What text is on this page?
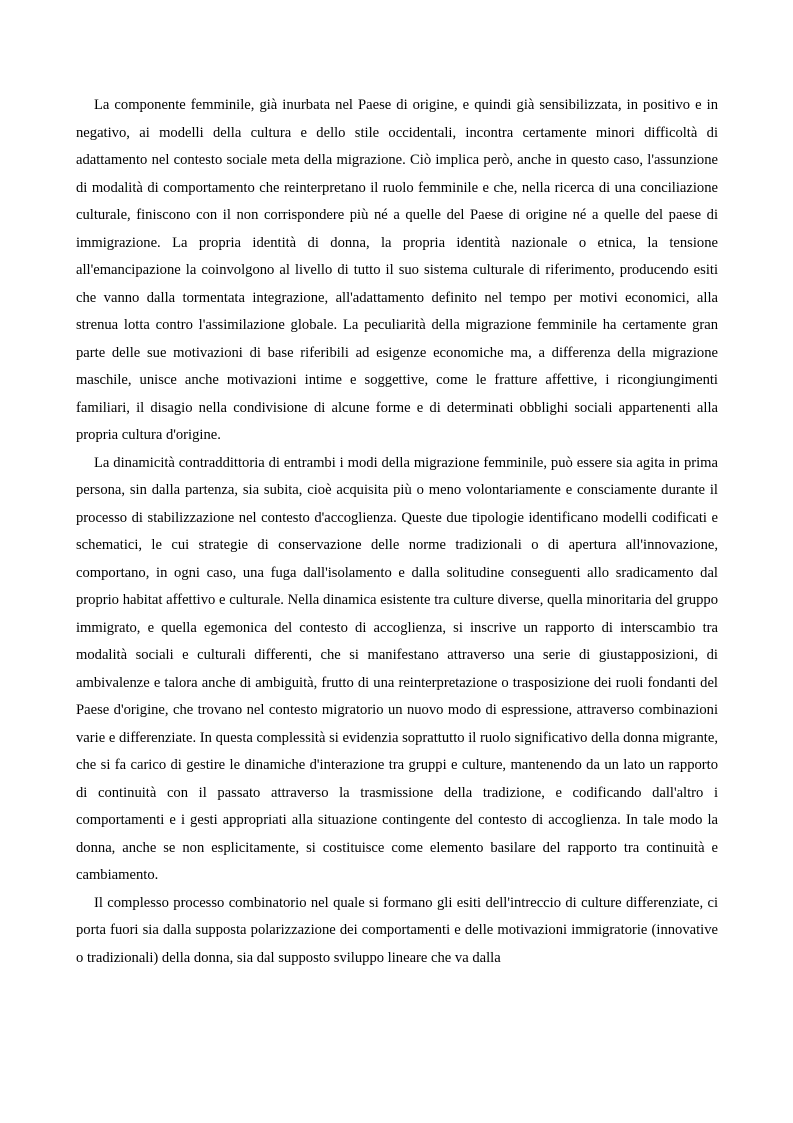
La componente femminile, già inurbata nel Paese di origine, e quindi già sensibilizzata, in positivo e in negativo, ai modelli della cultura e dello stile occidentali, incontra certamente minori difficoltà di adattamento nel contesto sociale meta della migrazione. Ciò implica però, anche in questo caso, l'assunzione di modalità di comportamento che reinterpretano il ruolo femminile e che, nella ricerca di una conciliazione culturale, finiscono con il non corrispondere più né a quelle del Paese di origine né a quelle del paese di immigrazione. La propria identità di donna, la propria identità nazionale o etnica, la tensione all'emancipazione la coinvolgono al livello di tutto il suo sistema culturale di riferimento, producendo esiti che vanno dalla tormentata integrazione, all'adattamento definito nel tempo per motivi economici, alla strenua lotta contro l'assimilazione globale. La peculiarità della migrazione femminile ha certamente gran parte delle sue motivazioni di base riferibili ad esigenze economiche ma, a differenza della migrazione maschile, unisce anche motivazioni intime e soggettive, come le fratture affettive, i ricongiungimenti familiari, il disagio nella condivisione di alcune forme e di determinati obblighi sociali appartenenti alla propria cultura d'origine.

La dinamicità contraddittoria di entrambi i modi della migrazione femminile, può essere sia agita in prima persona, sin dalla partenza, sia subita, cioè acquisita più o meno volontariamente e consciamente durante il processo di stabilizzazione nel contesto d'accoglienza. Queste due tipologie identificano modelli codificati e schematici, le cui strategie di conservazione delle norme tradizionali o di apertura all'innovazione, comportano, in ogni caso, una fuga dall'isolamento e dalla solitudine conseguenti allo sradicamento dal proprio habitat affettivo e culturale. Nella dinamica esistente tra culture diverse, quella minoritaria del gruppo immigrato, e quella egemonica del contesto di accoglienza, si inscrive un rapporto di interscambio tra modalità sociali e culturali differenti, che si manifestano attraverso una serie di giustapposizioni, di ambivalenze e talora anche di ambiguità, frutto di una reinterpretazione o trasposizione dei ruoli fondanti del Paese d'origine, che trovano nel contesto migratorio un nuovo modo di espressione, attraverso combinazioni varie e differenziate. In questa complessità si evidenzia soprattutto il ruolo significativo della donna migrante, che si fa carico di gestire le dinamiche d'interazione tra gruppi e culture, mantenendo da un lato un rapporto di continuità con il passato attraverso la trasmissione della tradizione, e codificando dall'altro i comportamenti e i gesti appropriati alla situazione contingente del contesto di accoglienza. In tale modo la donna, anche se non esplicitamente, si costituisce come elemento basilare del rapporto tra continuità e cambiamento.

Il complesso processo combinatorio nel quale si formano gli esiti dell'intreccio di culture differenziate, ci porta fuori sia dalla supposta polarizzazione dei comportamenti e delle motivazioni immigratorie (innovative o tradizionali) della donna, sia dal supposto sviluppo lineare che va dalla
